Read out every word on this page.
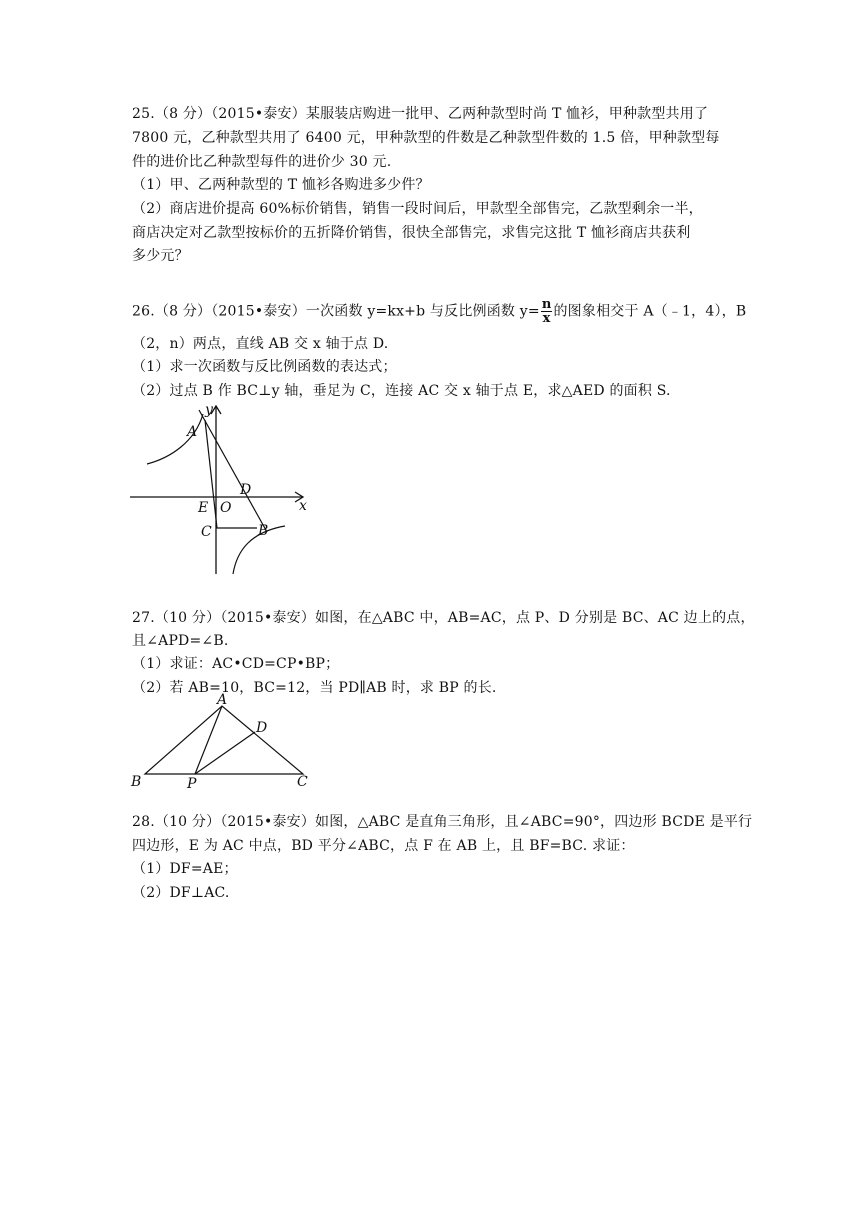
25.（8 分）（2015•泰安）某服装店购进一批甲、乙两种款型时尚 T 恤衫，甲种款型共用了
7800 元，乙种款型共用了 6400 元，甲种款型的件数是乙种款型件数的 1.5 倍，甲种款型每
件的进价比乙种款型每件的进价少 30 元.
（1）甲、乙两种款型的 T 恤衫各购进多少件？
（2）商店进价提高 60%标价销售，销售一段时间后，甲款型全部售完，乙款型剩余一半，
商店决定对乙款型按标价的五折降价销售，很快全部售完，求售完这批 T 恤衫商店共获利
多少元？
26.（8 分）（2015•泰安）一次函数 y=kx+b 与反比例函数 $y= \frac{n}{x}$ 的图象相交于 A（﹣1，4），B
（2，n）两点，直线 AB 交 x 轴于点 D.
（1）求一次函数与反比例函数的表达式；
（2）过点 B 作 BC⊥y 轴，垂足为 C，连接 AC 交 x 轴于点 E，求△AED 的面积 S.
y
x
A
D
E O
C	B
27.（10 分）（2015•泰安）如图，在△ABC 中，AB=AC，点 P、D 分别是 BC、AC 边上的点，
且∠APD=∠B.
（1）求证：AC•CD=CP•BP；
（2）若 AB=10，BC=12，当 PD∥AB 时，求 BP 的长.
A
B	C
D
P
28.（10 分）（2015•泰安）如图，△ABC 是直角三角形，且∠ABC=90°，四边形 BCDE 是平行
四边形，E 为 AC 中点，BD 平分∠ABC，点 F 在 AB 上，且 BF=BC. 求证：
（1）DF=AE；
（2）DF⊥AC.
